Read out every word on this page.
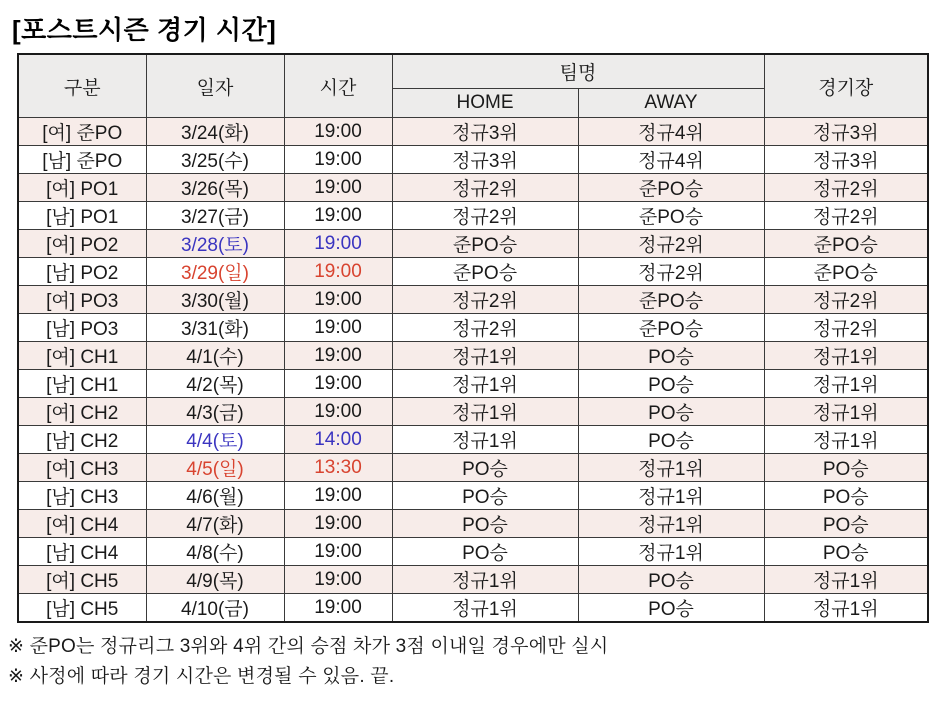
[포스트시즌 경기 시간]
구분	일자	시간	팀명		경기장
			HOME	AWAY	
[여] 준PO	3/24(화)	19:00	정규3위	정규4위	정규3위
[남] 준PO	3/25(수)	19:00	정규3위	정규4위	정규3위
[여] PO1	3/26(목)	19:00	정규2위	준PO승	정규2위
[남] PO1	3/27(금)	19:00	정규2위	준PO승	정규2위
[여] PO2	3/28(토)	19:00	준PO승	정규2위	준PO승
[남] PO2	3/29(일)	19:00	준PO승	정규2위	준PO승
[여] PO3	3/30(월)	19:00	정규2위	준PO승	정규2위
[남] PO3	3/31(화)	19:00	정규2위	준PO승	정규2위
[여] CH1	4/1(수)	19:00	정규1위	PO승	정규1위
[남] CH1	4/2(목)	19:00	정규1위	PO승	정규1위
[여] CH2	4/3(금)	19:00	정규1위	PO승	정규1위
[남] CH2	4/4(토)	14:00	정규1위	PO승	정규1위
[여] CH3	4/5(일)	13:30	PO승	정규1위	PO승
[남] CH3	4/6(월)	19:00	PO승	정규1위	PO승
[여] CH4	4/7(화)	19:00	PO승	정규1위	PO승
[남] CH4	4/8(수)	19:00	PO승	정규1위	PO승
[여] CH5	4/9(목)	19:00	정규1위	PO승	정규1위
[남] CH5	4/10(금)	19:00	정규1위	PO승	정규1위
※ 준PO는 정규리그 3위와 4위 간의 승점 차가 3점 이내일 경우에만 실시
※ 사정에 따라 경기 시간은 변경될 수 있음. 끝.
